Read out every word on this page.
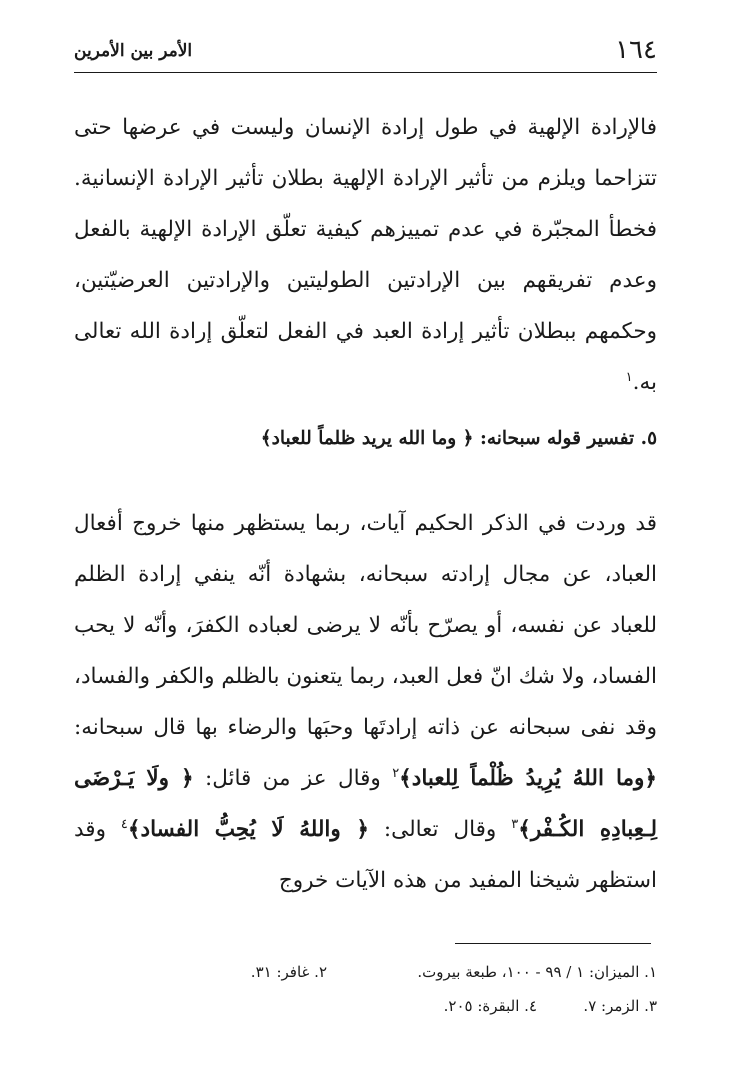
١٦٤
الأمر بين الأمرين

فالإرادة الإلهية في طول إرادة الإنسان وليست في عرضها حتى تتزاحما ويلزم من تأثير الإرادة الإلهية بطلان تأثير الإرادة الإنسانية. فخطأ المجبّرة في عدم تمييزهم كيفية تعلّق الإرادة الإلهية بالفعل وعدم تفريقهم بين الإرادتين الطوليتين والإرادتين العرضيّتين، وحكمهم ببطلان تأثير إرادة العبد في الفعل لتعلّق إرادة الله تعالى به.$^١$

٥. تفسير قوله سبحانه: ﴿ وما الله يريد ظلماً للعباد﴾

قد وردت في الذكر الحكيم آيات، ربما يستظهر منها خروج أفعال العباد، عن مجال إرادته سبحانه، بشهادة أنّه ينفي إرادة الظلم للعباد عن نفسه، أو يصرّح بأنّه لا يرضى لعباده الكفرَ، وأنّه لا يحب الفساد، ولا شك انّ فعل العبد، ربما يتعنون بالظلم والكفر والفساد، وقد نفى سبحانه عن ذاته إرادتَها وحبَها والرضاء بها قال سبحانه: ﴿وما اللهُ يُرِيدُ ظُلْماً لِلعباد﴾$^٢$ وقال عز من قائل: ﴿ ولَا يَـرْضَى لِـعِبادِهِ الكُـفْر﴾$^٣$ وقال تعالى: ﴿ واللهُ لَا يُحِبُّ الفساد﴾$^٤$ وقد استظهر شيخنا المفيد من هذه الآيات خروج

١. الميزان: ١ / ٩٩ - ١٠٠، طبعة بيروت.
٢. غافر: ٣١.
٣. الزمر: ٧.
٤. البقرة: ٢٠٥.
